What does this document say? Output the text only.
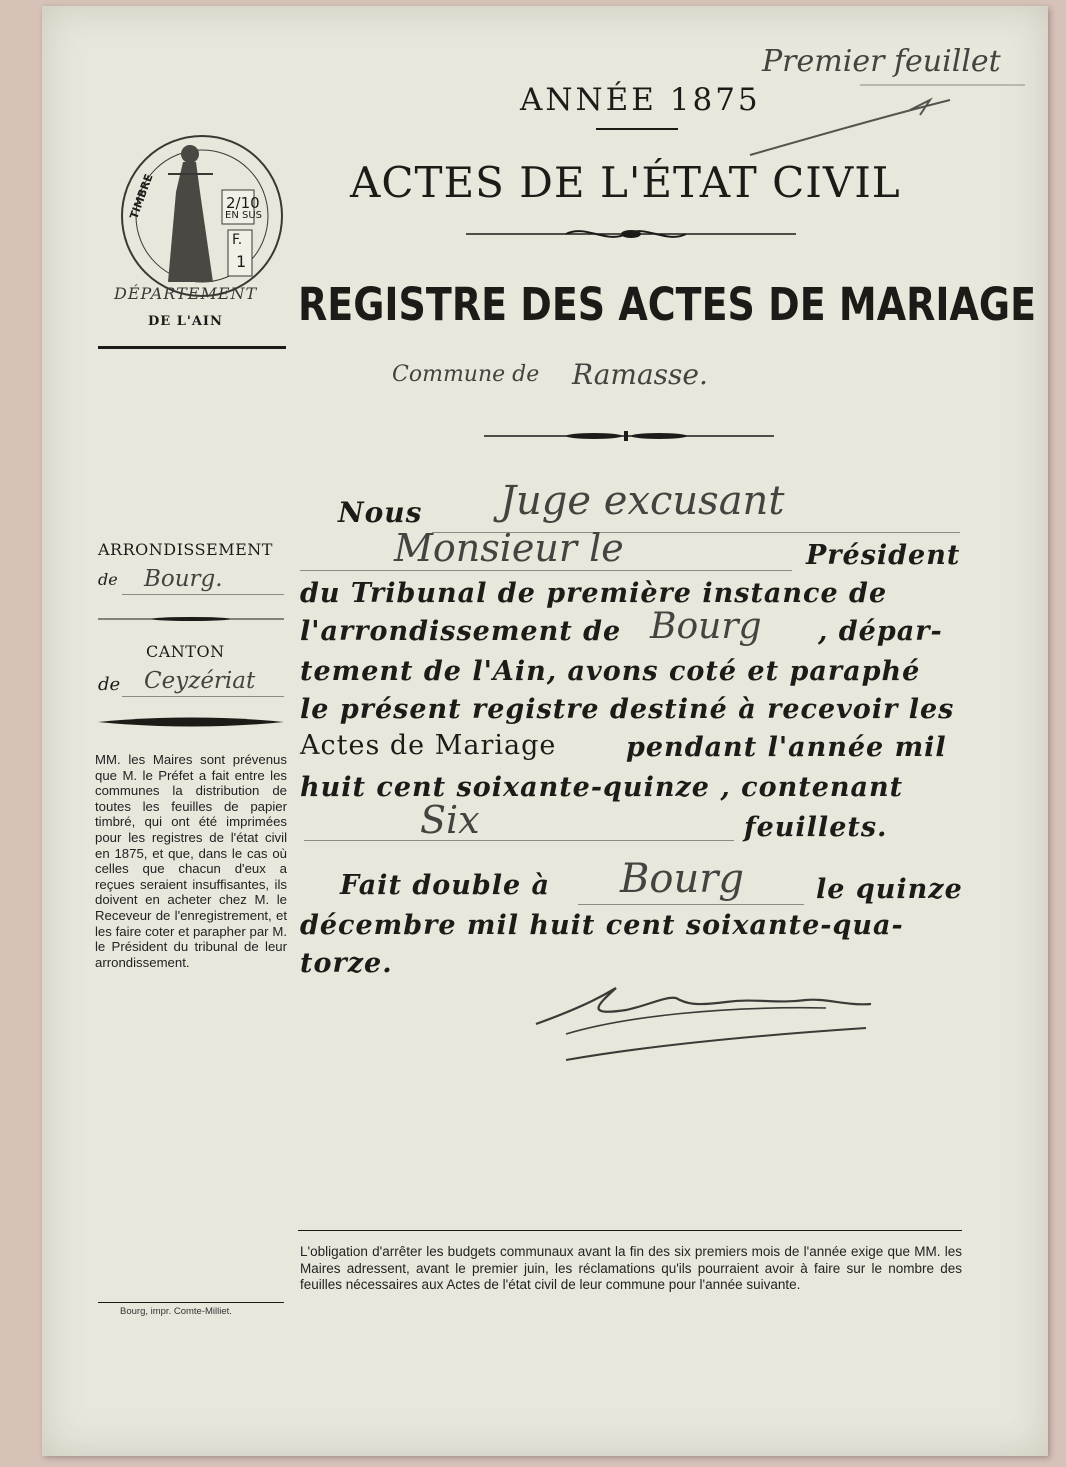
Premier feuillet
ANNÉE 1875
ACTES DE L'ÉTAT CIVIL
REGISTRE DES ACTES DE MARIAGE
Commune de Ramasse.
TIMBRE	2/10
EN SUS
F.
1
DÉPARTEMENT
DE L'AIN
ARRONDISSEMENT
de Bourg.
CANTON
de Ceyzériat
MM. les Maires sont prévenus que M. le Préfet a fait entre les communes la distribution de toutes les feuilles de papier timbré, qui ont été imprimées pour les registres de l'état civil en 1875, et que, dans le cas où celles que chacun d'eux a reçues seraient insuffisantes, ils doivent en acheter chez M. le Receveur de l'enregistrement, et les faire coter et parapher par M. le Président du tribunal de leur arrondissement.
Bourg, impr. Comte-Milliet.
Nous	Juge excusant
Monsieur le	Président
du Tribunal de première instance de
l'arrondissement de Bourg , dépar-
tement de l'Ain, avons coté et paraphé
le présent registre destiné à recevoir les
Actes de Mariage	pendant l'année mil
huit cent soixante-quinze , contenant
Six	feuillets.
Fait double à Bourg	le quinze
décembre mil huit cent soixante-qua-
torze.
L'obligation d'arrêter les budgets communaux avant la fin des six premiers mois de l'année exige que MM. les Maires adressent, avant le premier juin, les réclamations qu'ils pourraient avoir à faire sur le nombre des feuilles nécessaires aux Actes de l'état civil de leur commune pour l'année suivante.
